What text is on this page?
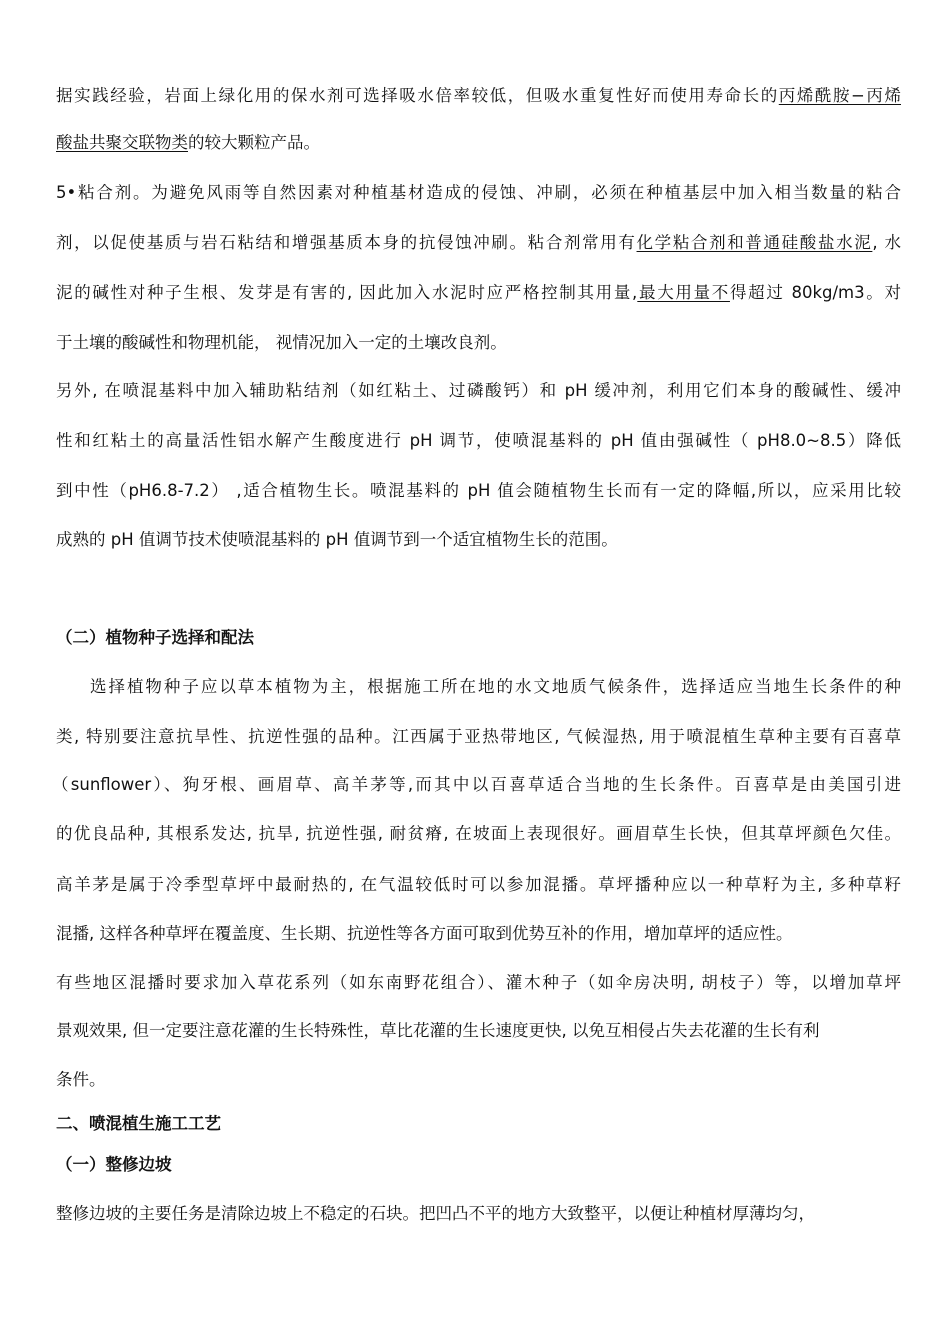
据实践经验，岩面上绿化用的保水剂可选择吸水倍率较低，但吸水重复性好而使用寿命长的丙烯酰胺−丙烯
酸盐共聚交联物类的较大颗粒产品。
5•粘合剂。为避免风雨等自然因素对种植基材造成的侵蚀、冲刷，必须在种植基层中加入相当数量的粘合
剂，以促使基质与岩石粘结和增强基质本身的抗侵蚀冲刷。粘合剂常用有化学粘合剂和普通硅酸盐水泥, 水
泥的碱性对种子生根、发芽是有害的, 因此加入水泥时应严格控制其用量,最大用量不得超过 80kg/m3。对
于土壤的酸碱性和物理机能， 视情况加入一定的土壤改良剂。
另外, 在喷混基料中加入辅助粘结剂（如红粘土、过磷酸钙）和 pH 缓冲剂，利用它们本身的酸碱性、缓冲
性和红粘土的高量活性铝水解产生酸度进行 pH 调节，使喷混基料的 pH 值由强碱性（ pH8.0~8.5）降低
到中性（pH6.8-7.2） ,适合植物生长。喷混基料的 pH 值会随植物生长而有一定的降幅,所以，应采用比较
成熟的 pH 值调节技术使喷混基料的 pH 值调节到一个适宜植物生长的范围。
（二）植物种子选择和配法
选择植物种子应以草本植物为主，根据施工所在地的水文地质气候条件，选择适应当地生长条件的种
类, 特别要注意抗旱性、抗逆性强的品种。江西属于亚热带地区, 气候湿热, 用于喷混植生草种主要有百喜草
（sunflower）、狗牙根、画眉草、高羊茅等,而其中以百喜草适合当地的生长条件。百喜草是由美国引进
的优良品种, 其根系发达, 抗旱, 抗逆性强, 耐贫瘠, 在坡面上表现很好。画眉草生长快，但其草坪颜色欠佳。
高羊茅是属于冷季型草坪中最耐热的, 在气温较低时可以参加混播。草坪播种应以一种草籽为主, 多种草籽
混播, 这样各种草坪在覆盖度、生长期、抗逆性等各方面可取到优势互补的作用，增加草坪的适应性。
有些地区混播时要求加入草花系列（如东南野花组合）、灌木种子（如伞房决明, 胡枝子）等，以增加草坪
景观效果, 但一定要注意花灌的生长特殊性，草比花灌的生长速度更快, 以免互相侵占失去花灌的生长有利
条件。
二、喷混植生施工工艺
（一）整修边坡
整修边坡的主要任务是清除边坡上不稳定的石块。把凹凸不平的地方大致整平，以便让种植材厚薄均匀，
